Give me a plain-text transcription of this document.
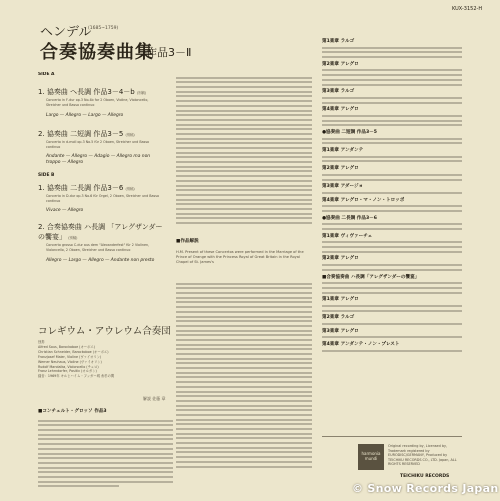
ヘンデル
(1685~1759)
合奏協奏曲集
作品3－Ⅱ
KUX-3152-H
SIDE A
1. 協奏曲 へ長調 作品3－4－b (別稿)
Concerto in F-dur op.3 No.4b for 2 Oboen, Violine, Violoncello, Streicher und Basso continuo
Largo — Allegro — Largo — Allegro
2. 協奏曲 二短調 作品3－5 (別稿)
Concerto in d-moll op.3 No.5 für 2 Oboen, Streicher und Basso continuo
Andante — Allegro — Adagio — Allegro ma non troppo — Allegro
SIDE B
1. 協奏曲 二長調 作品3－6 (別稿)
Concerto in D-dur op.3 No.6 für Orgel, 2 Oboen, Streicher und Basso continuo
Vivace — Allegro
2. 合奏協奏曲 ハ長調 「アレグザンダーの饗宴」 (別稿)
Concerto grosso C-dur aus dem "Alexanderfest" für 2 Violinen, Violoncello, 2 Oboen, Streicher und Basso continuo
Allegro — Largo — Allegro — Andante non presto
コレギウム・アウレウム合奏団
独奏
Alfred Sous, Barockoboe (オーボエ)
Christian Schneider, Barockoboe (オーボエ)
Franzjosef Maier, Violine (ヴァイオリン)
Werner Neuhaus, Violine (ヴァイオリン)
Rudolf Mandalka, Violoncello (チェロ)
Franz Lehrndorfer, Positiv (オルガン)
録音：1969年 キルヒハイム・フッガー城 糸杉の間
解説 佐藤 章
■コンチェルト・グロッソ 作品3
■作品解説
H.M. Present of these Concertos were performed in the Marriage of the Prince of Orange with the Princess Royal of Great Britain in the Royal Chapel of St. James's
第1楽章 ラルゴ
第2楽章 アレグロ
第3楽章 ラルゴ
第4楽章 アレグロ
●協奏曲 二短調 作品3－5
第1楽章 アンダンテ
第2楽章 アレグロ
第3楽章 アダージョ
第4楽章 アレグロ・マ・ノン・トロッポ
●協奏曲 二長調 作品3－6
第1楽章 ヴィヴァーチェ
第2楽章 アレグロ
■合奏協奏曲 ハ長調「アレグザンダーの饗宴」
第1楽章 アレグロ
第2楽章 ラルゴ
第3楽章 アレグロ
第4楽章 アンダンテ・ノン・プレスト
harmonia
mundi
Original recording by, Licensed by, Trademark registered by EURODISC/GERMANY, Produced by TEICHIKU RECORDS CO., LTD. Japan, ALL RIGHTS RESERVED
TEICHIKU RECORDS
© Snow Records Japan
